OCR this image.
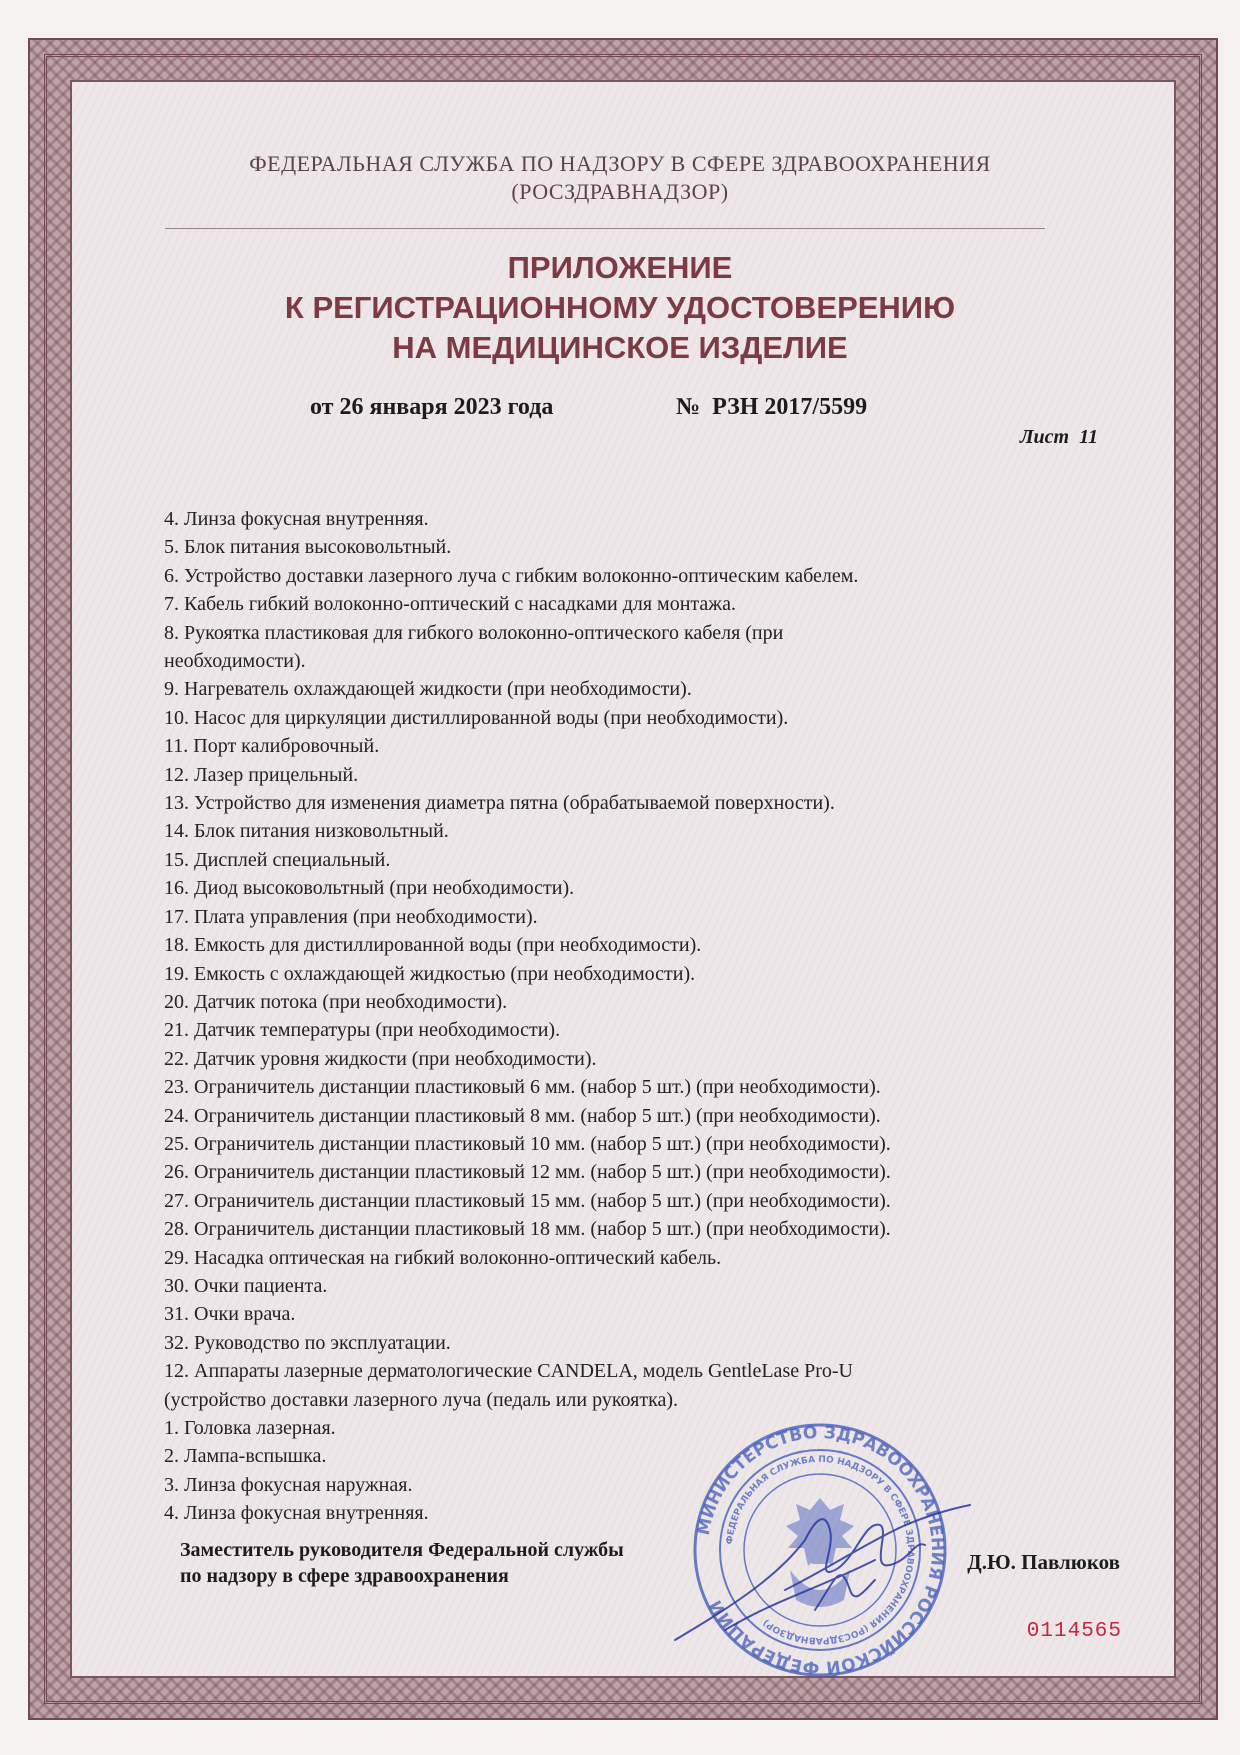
ФЕДЕРАЛЬНАЯ СЛУЖБА ПО НАДЗОРУ В СФЕРЕ ЗДРАВООХРАНЕНИЯ
(РОСЗДРАВНАДЗОР)
ПРИЛОЖЕНИЕ
К РЕГИСТРАЦИОННОМУ УДОСТОВЕРЕНИЮ
НА МЕДИЦИНСКОЕ ИЗДЕЛИЕ
от 26 января 2023 года	№ РЗН 2017/5599
Лист 11
4. Линза фокусная внутренняя.
5. Блок питания высоковольтный.
6. Устройство доставки лазерного луча с гибким волоконно-оптическим кабелем.
7. Кабель гибкий волоконно-оптический с насадками для монтажа.
8. Рукоятка пластиковая для гибкого волоконно-оптического кабеля (при
необходимости).
9. Нагреватель охлаждающей жидкости (при необходимости).
10. Насос для циркуляции дистиллированной воды (при необходимости).
11. Порт калибровочный.
12. Лазер прицельный.
13. Устройство для изменения диаметра пятна (обрабатываемой поверхности).
14. Блок питания низковольтный.
15. Дисплей специальный.
16. Диод высоковольтный (при необходимости).
17. Плата управления (при необходимости).
18. Емкость для дистиллированной воды (при необходимости).
19. Емкость с охлаждающей жидкостью (при необходимости).
20. Датчик потока (при необходимости).
21. Датчик температуры (при необходимости).
22. Датчик уровня жидкости (при необходимости).
23. Ограничитель дистанции пластиковый 6 мм. (набор 5 шт.) (при необходимости).
24. Ограничитель дистанции пластиковый 8 мм. (набор 5 шт.) (при необходимости).
25. Ограничитель дистанции пластиковый 10 мм. (набор 5 шт.) (при необходимости).
26. Ограничитель дистанции пластиковый 12 мм. (набор 5 шт.) (при необходимости).
27. Ограничитель дистанции пластиковый 15 мм. (набор 5 шт.) (при необходимости).
28. Ограничитель дистанции пластиковый 18 мм. (набор 5 шт.) (при необходимости).
29. Насадка оптическая на гибкий волоконно-оптический кабель.
30. Очки пациента.
31. Очки врача.
32. Руководство по эксплуатации.
12. Аппараты лазерные дерматологические CANDELA, модель GentleLase Pro-U
(устройство доставки лазерного луча (педаль или рукоятка).
1. Головка лазерная.
2. Лампа-вспышка.
3. Линза фокусная наружная.
4. Линза фокусная внутренняя.
МИНИСТЕРСТВО ЗДРАВООХРАНЕНИЯ РОССИЙСКОЙ ФЕДЕРАЦИИ
ФЕДЕРАЛЬНАЯ СЛУЖБА ПО НАДЗОРУ В СФЕРЕ ЗДРАВООХРАНЕНИЯ (РОСЗДРАВНАДЗОР)
Заместитель руководителя Федеральной службы
по надзору в сфере здравоохранения
Д.Ю. Павлюков
0114565
